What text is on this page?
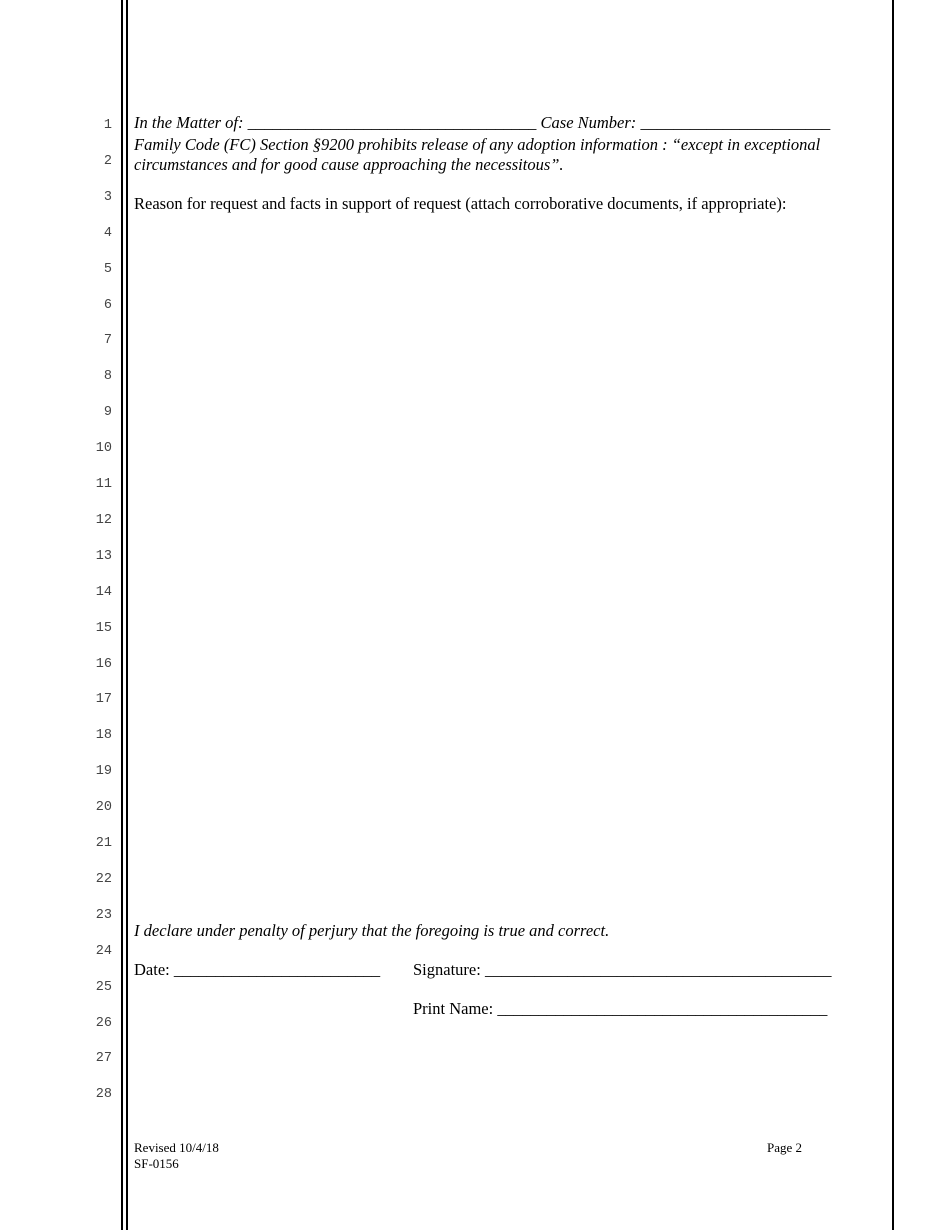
1
2
3
4
5
6
7
8
9
10
11
12
13
14
15
16
17
18
19
20
21
22
23
24
25
26
27
28
In the Matter of: ___________________________________ Case Number: _______________________
Family Code (FC) Section §9200 prohibits release of any adoption information : “except in exceptional
circumstances and for good cause approaching the necessitous”.
Reason for request and facts in support of request (attach corroborative documents, if appropriate):
I declare under penalty of perjury that the foregoing is true and correct.
Date: _________________________ Signature: __________________________________________
Print Name: ________________________________________
Revised 10/4/18
SF-0156
Page 2
